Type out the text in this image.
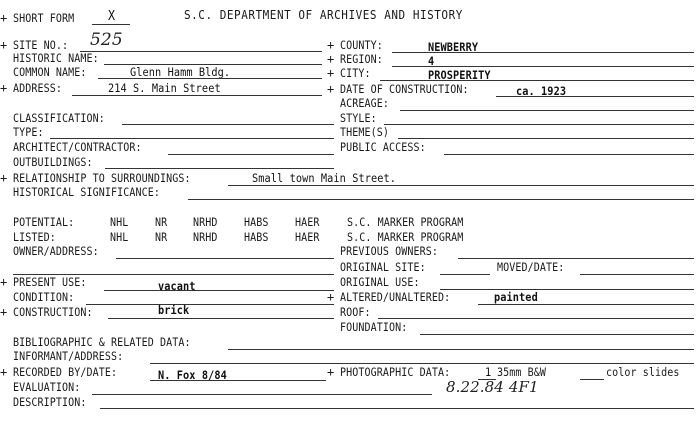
+ SHORT FORM	X	S.C. DEPARTMENT OF ARCHIVES AND HISTORY
+ SITE NO.: 525
HISTORIC NAME:
COMMON NAME:	Glenn Hamm Bldg.
+ ADDRESS:	214 S. Main Street
+ COUNTY:	NEWBERRY
+ REGION:	4
+ CITY:	PROSPERITY
+ DATE OF CONSTRUCTION:	ca. 1923
ACREAGE:
CLASSIFICATION:
TYPE:
ARCHITECT/CONTRACTOR:
OUTBUILDINGS:
STYLE:
THEME(S)
PUBLIC ACCESS:
+ RELATIONSHIP TO SURROUNDINGS:	Small town Main Street.
HISTORICAL SIGNIFICANCE:
POTENTIAL:	NHL NR NRHD HABS HAER S.C. MARKER PROGRAM
LISTED:	NHL NR NRHD HABS HAER S.C. MARKER PROGRAM
OWNER/ADDRESS:	PREVIOUS OWNERS:
ORIGINAL SITE:	MOVED/DATE:
+ PRESENT USE:	vacant
CONDITION:
+ CONSTRUCTION:	brick
ORIGINAL USE:
+ ALTERED/UNALTERED:	painted
ROOF:
FOUNDATION:
BIBLIOGRAPHIC & RELATED DATA:
INFORMANT/ADDRESS:
+ RECORDED BY/DATE:	N. Fox 8/84	+ PHOTOGRAPHIC DATA:	1 35mm B&W	color slides
8.22.84 4F1
EVALUATION:
DESCRIPTION:
